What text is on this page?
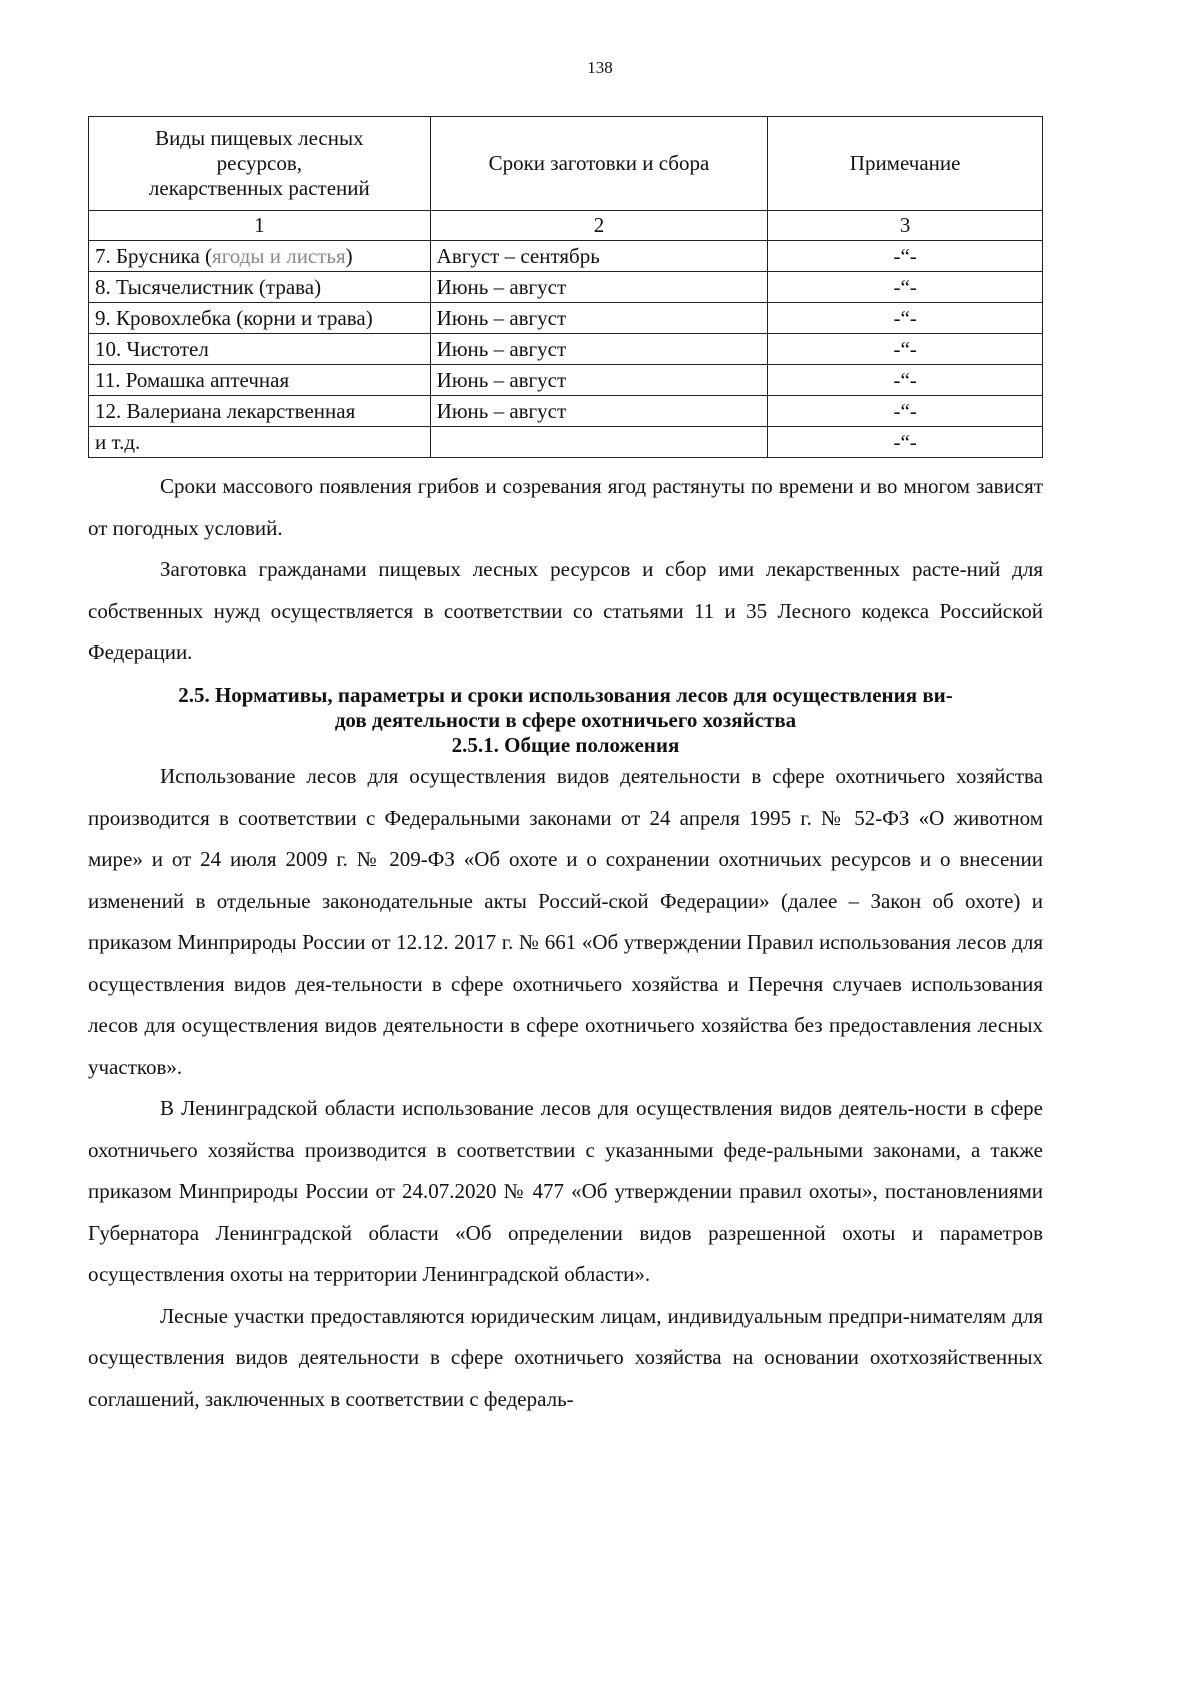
138
Виды пищевых лесных
ресурсов,
лекарственных растений	Сроки заготовки и сбора	Примечание
1	2	3
7. Брусника (ягоды и листья)	Август – сентябрь	-“-
8. Тысячелистник (трава)	Июнь – август	-“-
9. Кровохлебка (корни и трава)	Июнь – август	-“-
10. Чистотел	Июнь – август	-“-
11. Ромашка аптечная	Июнь – август	-“-
12. Валериана лекарственная	Июнь – август	-“-
и т.д.		-“-

Сроки массового появления грибов и созревания ягод растянуты по времени и во многом зависят от погодных условий.

Заготовка гражданами пищевых лесных ресурсов и сбор ими лекарственных расте-ний для собственных нужд осуществляется в соответствии со статьями 11 и 35 Лесного кодекса Российской Федерации.

2.5. Нормативы, параметры и сроки использования лесов для осуществления ви-
дов деятельности в сфере охотничьего хозяйства
2.5.1. Общие положения

Использование лесов для осуществления видов деятельности в сфере охотничьего хозяйства производится в соответствии с Федеральными законами от 24 апреля 1995 г. № 52-ФЗ «О животном мире» и от 24 июля 2009 г. № 209-ФЗ «Об охоте и о сохранении охотничьих ресурсов и о внесении изменений в отдельные законодательные акты Россий-ской Федерации» (далее – Закон об охоте) и приказом Минприроды России от 12.12. 2017 г. № 661 «Об утверждении Правил использования лесов для осуществления видов дея-тельности в сфере охотничьего хозяйства и Перечня случаев использования лесов для осуществления видов деятельности в сфере охотничьего хозяйства без предоставления лесных участков».

В Ленинградской области использование лесов для осуществления видов деятель-ности в сфере охотничьего хозяйства производится в соответствии с указанными феде-ральными законами, а также приказом Минприроды России от 24.07.2020 № 477 «Об утверждении правил охоты», постановлениями Губернатора Ленинградской области «Об определении видов разрешенной охоты и параметров осуществления охоты на территории Ленинградской области».

Лесные участки предоставляются юридическим лицам, индивидуальным предпри-нимателям для осуществления видов деятельности в сфере охотничьего хозяйства на основании охотхозяйственных соглашений, заключенных в соответствии с федераль-
